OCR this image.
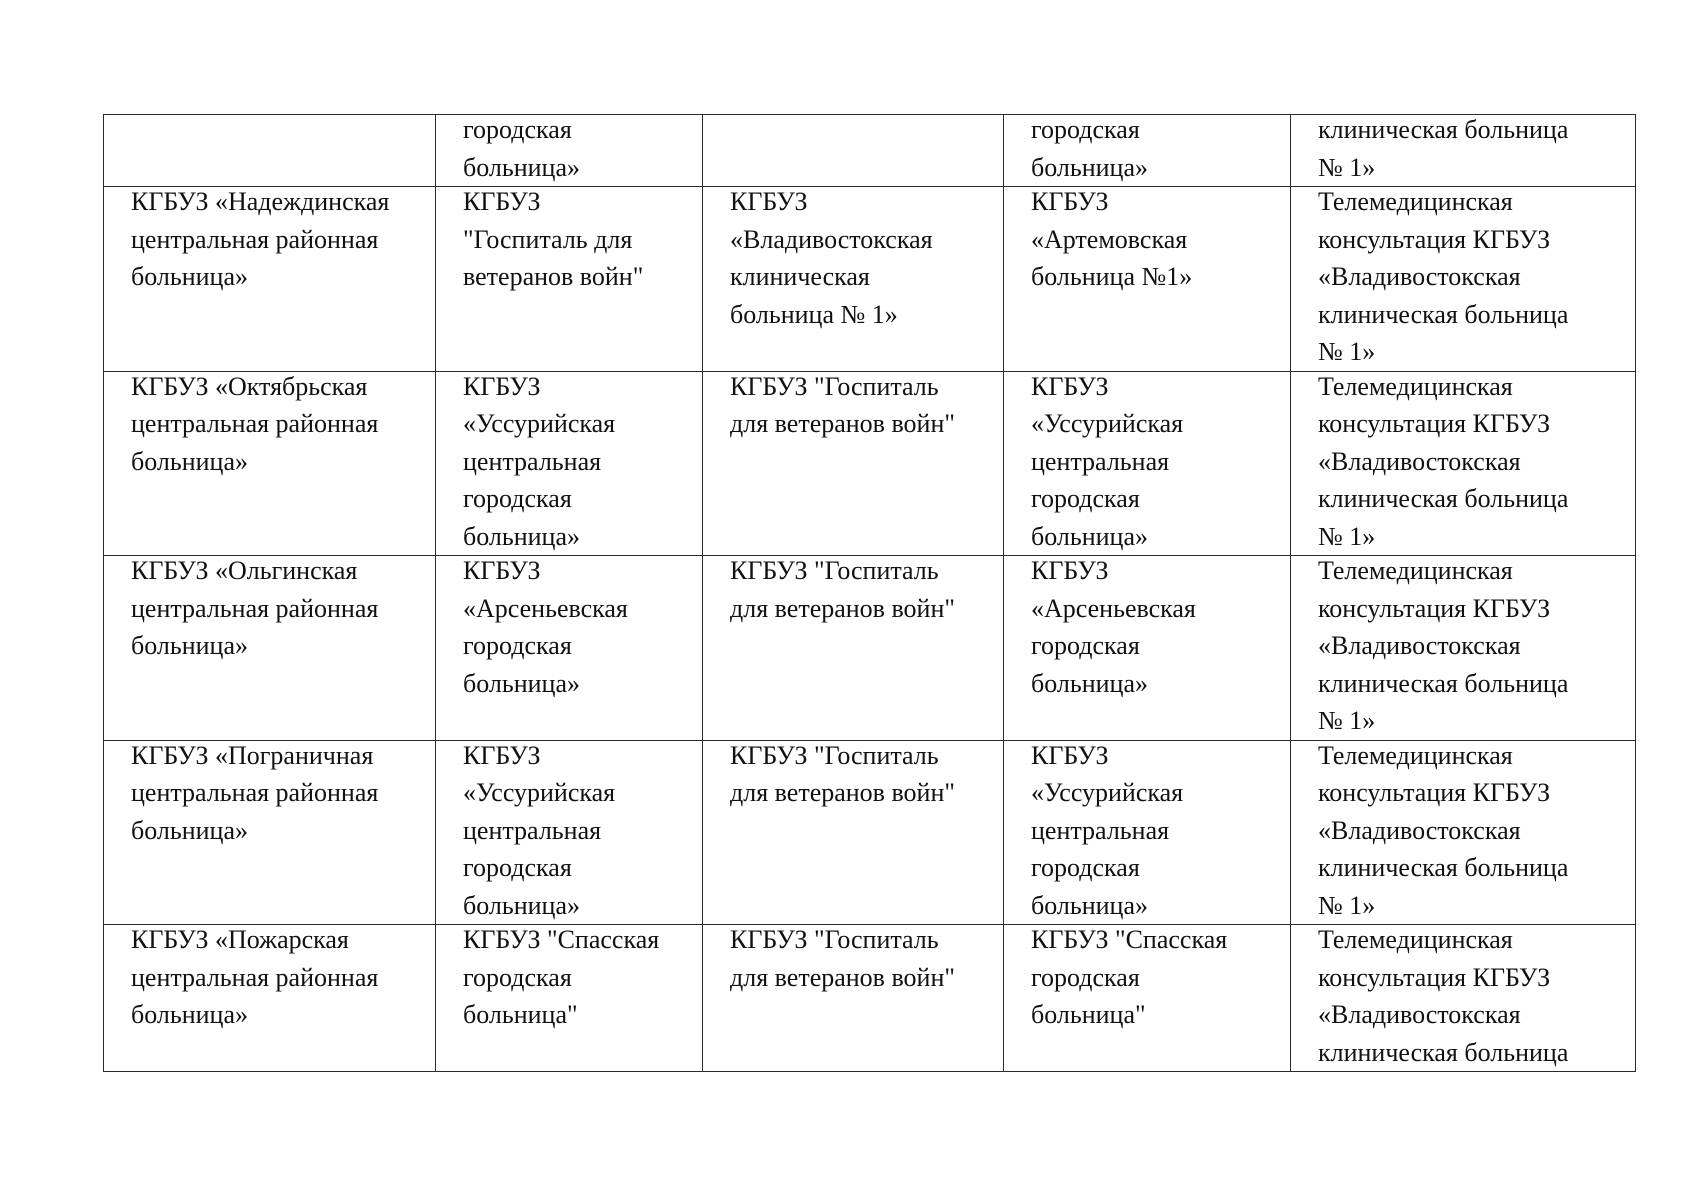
	городская
больница»		городская
больница»	клиническая больница
№ 1»

КГБУЗ «Надеждинская
центральная районная
больница»	КГБУЗ
"Госпиталь для
ветеранов войн"	КГБУЗ
«Владивостокская
клиническая
больница № 1»	КГБУЗ
«Артемовская
больница №1»	Телемедицинская
консультация КГБУЗ
«Владивостокская
клиническая больница
№ 1»

КГБУЗ «Октябрьская
центральная районная
больница»	КГБУЗ
«Уссурийская
центральная
городская
больница»	КГБУЗ "Госпиталь
для ветеранов войн"	КГБУЗ
«Уссурийская
центральная
городская
больница»	Телемедицинская
консультация КГБУЗ
«Владивостокская
клиническая больница
№ 1»

КГБУЗ «Ольгинская
центральная районная
больница»	КГБУЗ
«Арсеньевская
городская
больница»	КГБУЗ "Госпиталь
для ветеранов войн"	КГБУЗ
«Арсеньевская
городская
больница»	Телемедицинская
консультация КГБУЗ
«Владивостокская
клиническая больница
№ 1»

КГБУЗ «Пограничная
центральная районная
больница»	КГБУЗ
«Уссурийская
центральная
городская
больница»	КГБУЗ "Госпиталь
для ветеранов войн"	КГБУЗ
«Уссурийская
центральная
городская
больница»	Телемедицинская
консультация КГБУЗ
«Владивостокская
клиническая больница
№ 1»

КГБУЗ «Пожарская
центральная районная
больница»	КГБУЗ "Спасская
городская
больница"	КГБУЗ "Госпиталь
для ветеранов войн"	КГБУЗ "Спасская
городская
больница"	Телемедицинская
консультация КГБУЗ
«Владивостокская
клиническая больница
